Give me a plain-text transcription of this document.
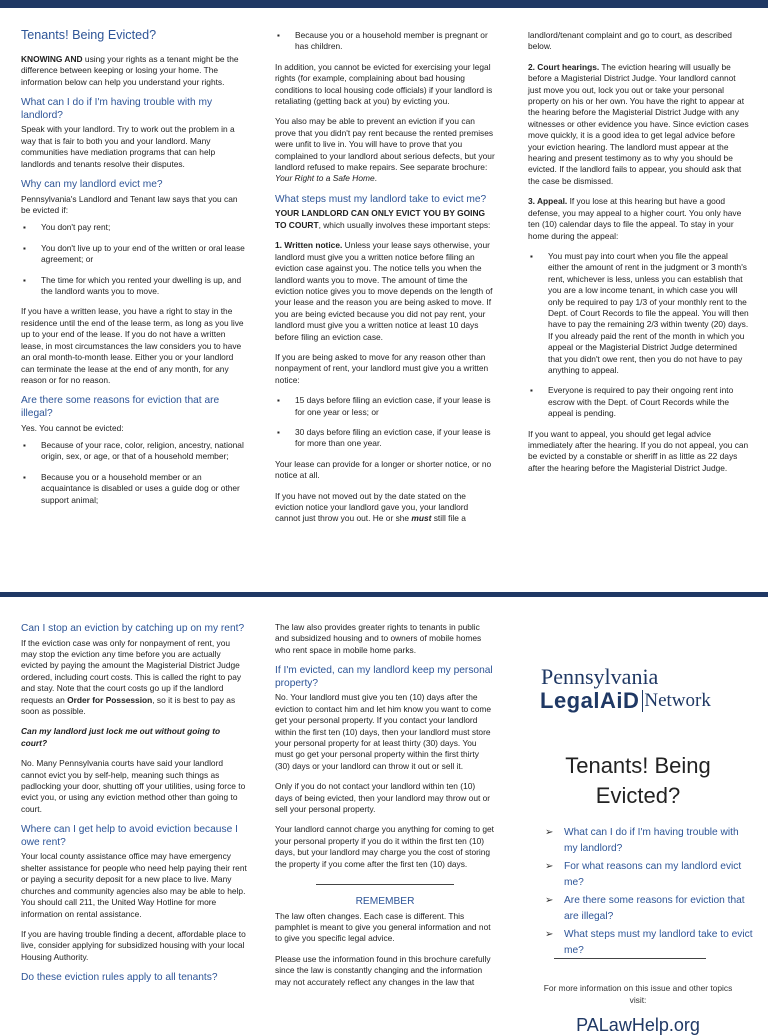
Tenants! Being Evicted?

KNOWING AND using your rights as a tenant might be the difference between keeping or losing your home. The information below can help you understand your rights.

What can I do if I'm having trouble with my landlord?

Speak with your landlord. Try to work out the problem in a way that is fair to both you and your landlord. Many communities have mediation programs that can help landlords and tenants resolve their disputes.

Why can my landlord evict me?

Pennsylvania's Landlord and Tenant law says that you can be evicted if:

▪ You don't pay rent;
▪ You don't live up to your end of the written or oral lease agreement; or
▪ The time for which you rented your dwelling is up, and the landlord wants you to move.

If you have a written lease, you have a right to stay in the residence until the end of the lease term, as long as you live up to your end of the lease. If you do not have a written lease, in most circumstances the law considers you to have an oral month-to-month lease. Either you or your landlord can terminate the lease at the end of any month, for any reason or for no reason.

Are there some reasons for eviction that are illegal?

Yes. You cannot be evicted:

▪ Because of your race, color, religion, ancestry, national origin, sex, or age, or that of a household member;
▪ Because you or a household member or an acquaintance is disabled or uses a guide dog or other support animal;
▪ Because you or a household member is pregnant or has children.

In addition, you cannot be evicted for exercising your legal rights (for example, complaining about bad housing conditions to local housing code officials) if your landlord is retaliating (getting back at you) by evicting you.

You also may be able to prevent an eviction if you can prove that you didn't pay rent because the rented premises were unfit to live in. You will have to prove that you complained to your landlord about serious defects, but your landlord refused to make repairs. See separate brochure: Your Right to a Safe Home.

What steps must my landlord take to evict me?

YOUR LANDLORD CAN ONLY EVICT YOU BY GOING TO COURT, which usually involves these important steps:

1. Written notice. Unless your lease says otherwise, your landlord must give you a written notice before filing an eviction case against you. The notice tells you when the landlord wants you to move. The amount of time the eviction notice gives you to move depends on the length of your lease and the reason you are being asked to move. If you are being evicted because you did not pay rent, your landlord must give you a written notice at least 10 days before filing an eviction case.

If you are being asked to move for any reason other than nonpayment of rent, your landlord must give you a written notice:

▪ 15 days before filing an eviction case, if your lease is for one year or less; or
▪ 30 days before filing an eviction case, if your lease is for more than one year.

Your lease can provide for a longer or shorter notice, or no notice at all.

If you have not moved out by the date stated on the eviction notice your landlord gave you, your landlord cannot just throw you out. He or she must still file a

landlord/tenant complaint and go to court, as described below.

2. Court hearings. The eviction hearing will usually be before a Magisterial District Judge. Your landlord cannot just move you out, lock you out or take your personal property on his or her own. You have the right to appear at the hearing before the Magisterial District Judge with any witnesses or other evidence you have. Since eviction cases move quickly, it is a good idea to get legal advice before your eviction hearing. The landlord must appear at the hearing and present testimony as to why you should be evicted. If the landlord fails to appear, you should ask that the case be dismissed.

3. Appeal. If you lose at this hearing but have a good defense, you may appeal to a higher court. You only have ten (10) calendar days to file the appeal. To stay in your home during the appeal:

▪ You must pay into court when you file the appeal either the amount of rent in the judgment or 3 month's rent, whichever is less, unless you can establish that you are a low income tenant, in which case you will only be required to pay 1/3 of your monthly rent to the Dept. of Court Records to file the appeal. You will then have to pay the remaining 2/3 within twenty (20) days. If you already paid the rent of the month in which you appeal or the Magisterial District Judge determined that you didn't owe rent, then you do not have to pay anything to appeal.
▪ Everyone is required to pay their ongoing rent into escrow with the Dept. of Court Records while the appeal is pending.

If you want to appeal, you should get legal advice immediately after the hearing. If you do not appeal, you can be evicted by a constable or sheriff in as little as 22 days after the hearing before the Magisterial District Judge.

Can I stop an eviction by catching up on my rent?

If the eviction case was only for nonpayment of rent, you may stop the eviction any time before you are actually evicted by paying the amount the Magisterial District Judge ordered, including court costs. This is called the right to pay and stay. Note that the court costs go up if the landlord requests an Order for Possession, so it is best to pay as soon as possible.

Can my landlord just lock me out without going to court?

No. Many Pennsylvania courts have said your landlord cannot evict you by self-help, meaning such things as padlocking your door, shutting off your utilities, using force to evict you, or using any eviction method other than going to court.

Where can I get help to avoid eviction because I owe rent?

Your local county assistance office may have emergency shelter assistance for people who need help paying their rent or paying a security deposit for a new place to live. Many churches and community agencies also may be able to help. You should call 211, the United Way Hotline for more information on rental assistance.

If you are having trouble finding a decent, affordable place to live, consider applying for subsidized housing with your local Housing Authority.

Do these eviction rules apply to all tenants?

The law also provides greater rights to tenants in public and subsidized housing and to owners of mobile homes who rent space in mobile home parks.

If I'm evicted, can my landlord keep my personal property?

No. Your landlord must give you ten (10) days after the eviction to contact him and let him know you want to come get your personal property. If you contact your landlord within the first ten (10) days, then your landlord must store your personal property for at least thirty (30) days. You must go get your personal property within the first thirty (30) days or your landlord can throw it out or sell it.

Only if you do not contact your landlord within ten (10) days of being evicted, then your landlord may throw out or sell your personal property.

Your landlord cannot charge you anything for coming to get your personal property if you do it within the first ten (10) days, but your landlord may charge you the cost of storing the property if you come after the first ten (10) days.

REMEMBER

The law often changes. Each case is different. This pamphlet is meant to give you general information and not to give you specific legal advice.

Please use the information found in this brochure carefully since the law is constantly changing and the information may not accurately reflect any changes in the law that

Pennsylvania
LegalAiD Network
Tenants! Being Evicted?
➢ What can I do if I'm having trouble with my landlord?
➢ For what reasons can my landlord evict me?
➢ Are there some reasons for eviction that are illegal?
➢ What steps must my landlord take to evict me?
For more information on this issue and other topics visit:
PALawHelp.org
